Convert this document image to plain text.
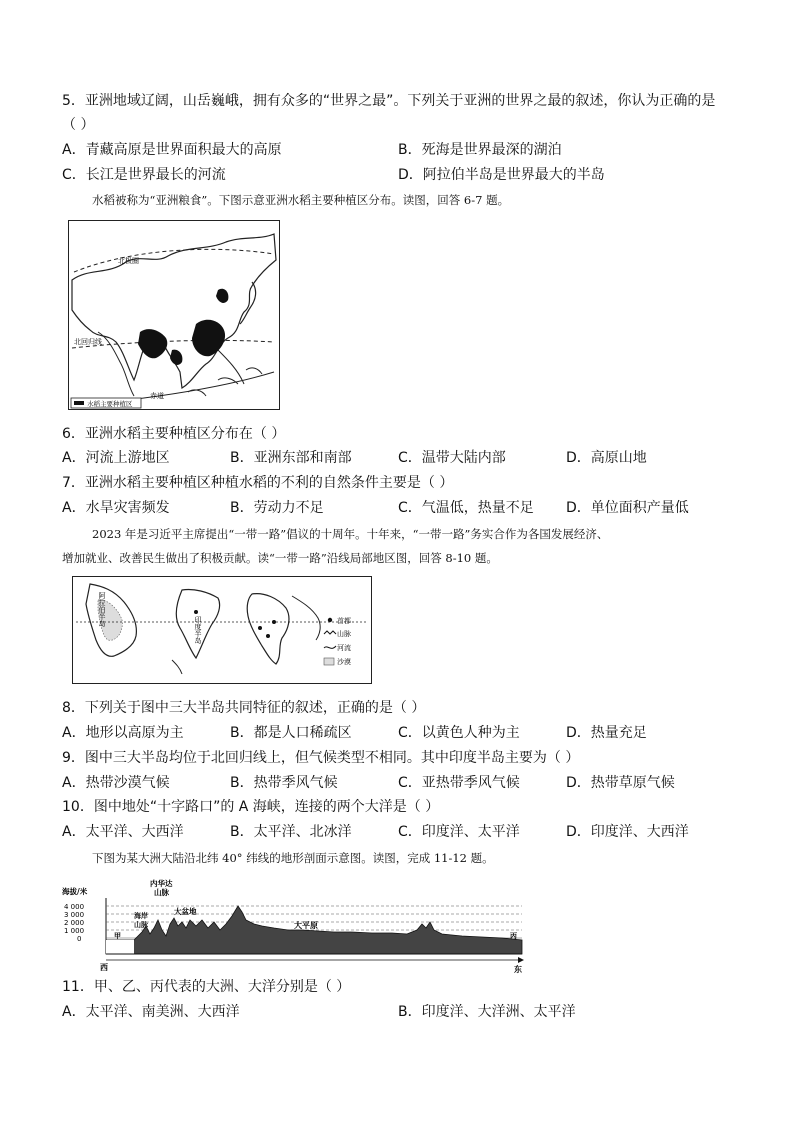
5．亚洲地域辽阔，山岳巍峨，拥有众多的“世界之最”。下列关于亚洲的世界之最的叙述，你认为正确的是
（ ）
A．青藏高原是世界面积最大的高原	B．死海是世界最深的湖泊
C．长江是世界最长的河流	D．阿拉伯半岛是世界最大的半岛
水稻被称为“亚洲粮食”。下图示意亚洲水稻主要种植区分布。读图，回答 6-7 题。
北极圈
北回归线
赤道
水稻主要种植区
6．亚洲水稻主要种植区分布在（ ）
A．河流上游地区	B．亚洲东部和南部	C．温带大陆内部	D．高原山地
7．亚洲水稻主要种植区种植水稻的不利的自然条件主要是（ ）
A．水旱灾害频发	B．劳动力不足	C．气温低，热量不足 D．单位面积产量低
2023 年是习近平主席提出“一带一路”倡议的十周年。十年来，“一带一路”务实合作为各国发展经济、
增加就业、改善民生做出了积极贡献。读“一带一路”沿线局部地区图，回答 8-10 题。
阿拉伯半岛
印度半岛	首都
山脉
河流
沙漠
8．下列关于图中三大半岛共同特征的叙述，正确的是（ ）
A．地形以高原为主	B．都是人口稀疏区	C．以黄色人种为主	D．热量充足
9．图中三大半岛均位于北回归线上，但气候类型不相同。其中印度半岛主要为（ ）
A．热带沙漠气候	B．热带季风气候	C．亚热带季风气候	D．热带草原气候
10．图中地处“十字路口”的 A 海峡，连接的两个大洋是（ ）
A．太平洋、大西洋	B．太平洋、北冰洋	C．印度洋、太平洋	D．印度洋、大西洋
下图为某大洲大陆沿北纬 40° 纬线的地形剖面示意图。读图，完成 11-12 题。
海拔/米
4 000
3 000
2 000
1 000
0
内华达
山脉
海岸
山脉
大盆地
大平原
甲	丙
西	东
11．甲、乙、丙代表的大洲、大洋分别是（ ）
A．太平洋、南美洲、大西洋	B．印度洋、大洋洲、太平洋
